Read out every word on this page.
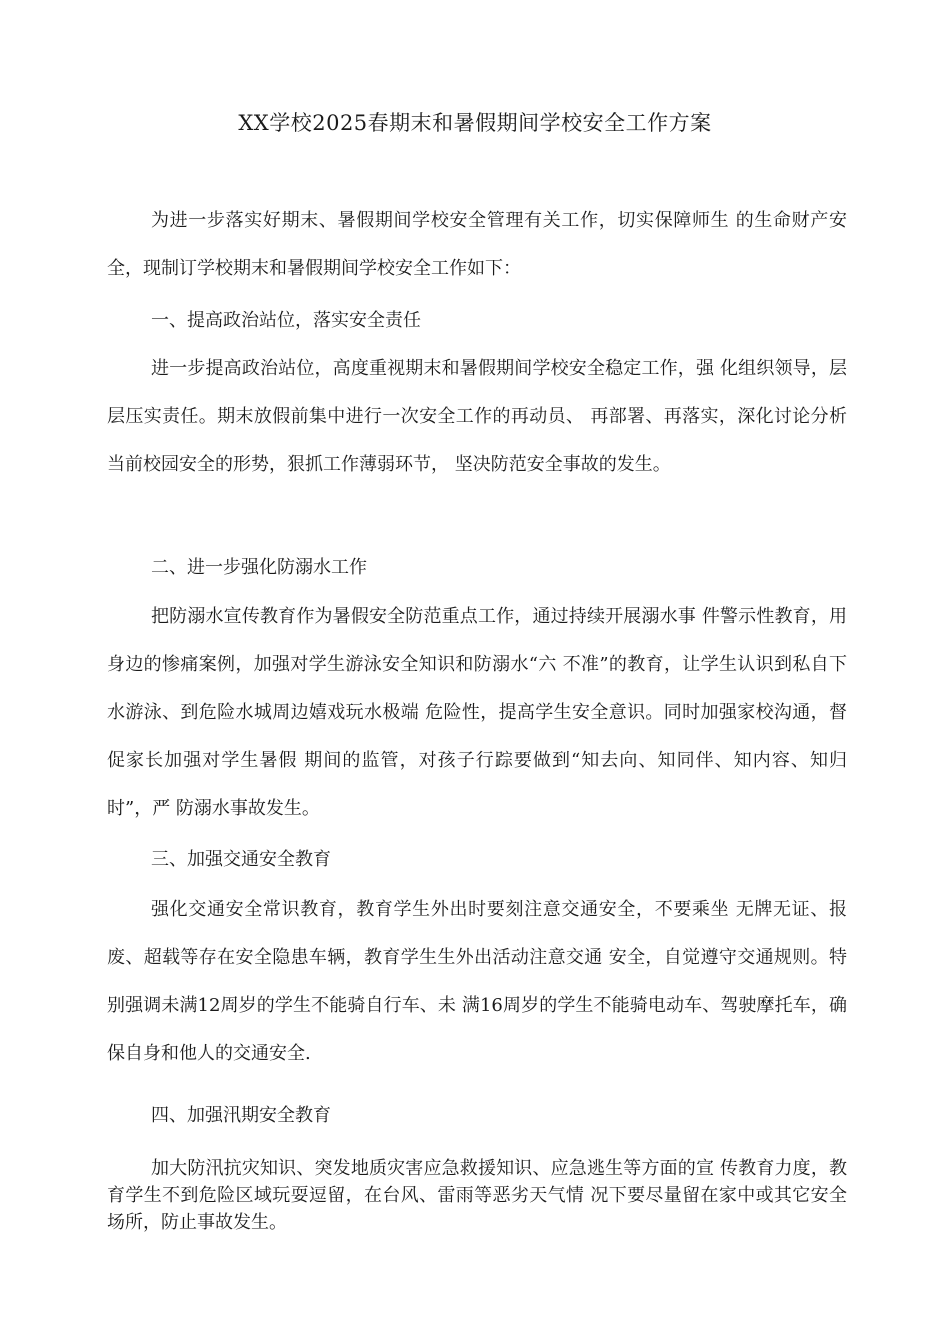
XX学校2025春期末和暑假期间学校安全工作方案

为进一步落实好期末、暑假期间学校安全管理有关工作，切实保障师生 的生命财产安全，现制订学校期末和暑假期间学校安全工作如下：

一、提高政治站位，落实安全责任

进一步提高政治站位，高度重视期末和暑假期间学校安全稳定工作，强 化组织领导，层层压实责任。期末放假前集中进行一次安全工作的再动员、 再部署、再落实，深化讨论分析当前校园安全的形势，狠抓工作薄弱环节， 坚决防范安全事故的发生。

二、进一步强化防溺水工作

把防溺水宣传教育作为暑假安全防范重点工作，通过持续开展溺水事 件警示性教育，用身边的惨痛案例，加强对学生游泳安全知识和防溺水“六 不准”的教育，让学生认识到私自下水游泳、到危险水城周边嬉戏玩水极端 危险性，提高学生安全意识。同时加强家校沟通，督促家长加强对学生暑假 期间的监管，对孩子行踪要做到“知去向、知同伴、知内容、知归时”，严 防溺水事故发生。

三、加强交通安全教育

强化交通安全常识教育，教育学生外出时要刻注意交通安全，不要乘坐 无牌无证、报废、超载等存在安全隐患车辆，教育学生生外出活动注意交通 安全，自觉遵守交通规则。特别强调未满12周岁的学生不能骑自行车、未 满16周岁的学生不能骑电动车、驾驶摩托车，确保自身和他人的交通安全.

四、加强汛期安全教育

加大防汛抗灾知识、突发地质灾害应急救援知识、应急逃生等方面的宣 传教育力度，教育学生不到危险区域玩耍逗留，在台风、雷雨等恶劣天气情 况下要尽量留在家中或其它安全场所，防止事故发生。
